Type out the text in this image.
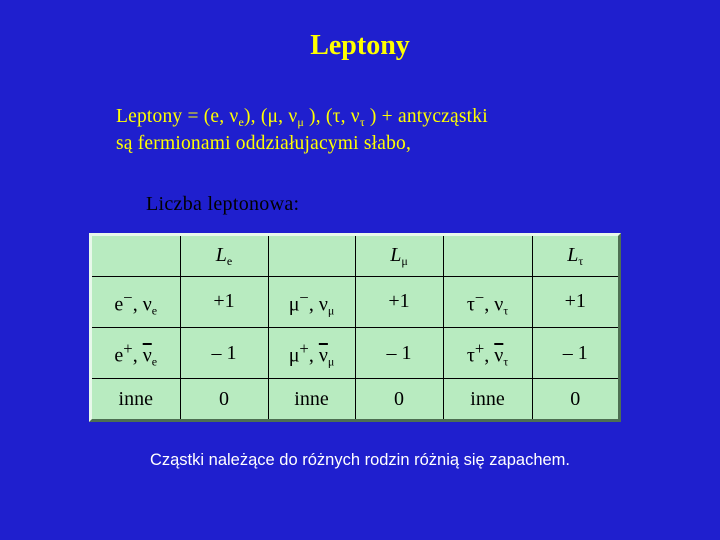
Leptony
Leptony = (e, $\nu_e$), (μ, $\nu_\mu$ ), (τ, $\nu_\tau$ ) + antycząstki
są fermionami oddziałujacymi słabo,
Liczba leptonowa:
	$L_e$		$L_\mu$		$L_\tau$
e−, $\nu_e$	+1	μ−, $\nu_\mu$	+1	τ−, $\nu_\tau$	+1
e+, $\overline{\nu}_e$	– 1	μ+, $\overline{\nu}_\mu$	– 1	τ+, $\overline{\nu}_\tau$	– 1
inne	0	inne	0	inne	0
Cząstki należące do różnych rodzin różnią się zapachem.
